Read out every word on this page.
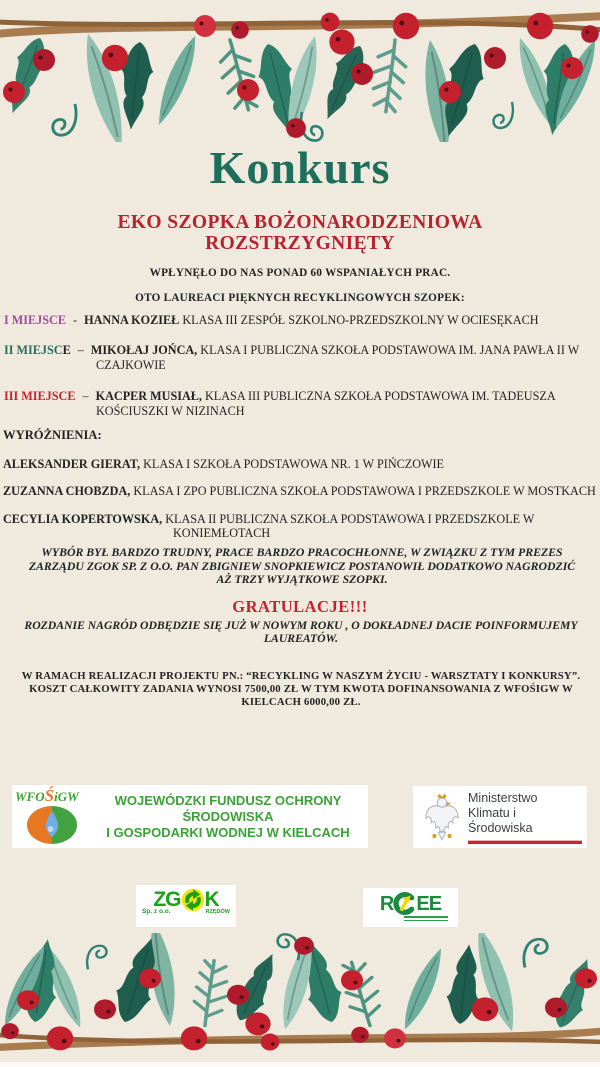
Konkurs
EKO SZOPKA BOŻONARODZENIOWA
ROZSTRZYGNIĘTY
WPŁYNĘŁO DO NAS PONAD 60 WSPANIAŁYCH PRAC.
OTO LAUREACI PIĘKNYCH RECYKLINGOWYCH SZOPEK:
I MIEJSCE - HANNA KOZIEŁ KLASA III ZESPÓŁ SZKOLNO-PRZEDSZKOLNY W OCIESĘKACH
II MIEJSCE – MIKOŁAJ JOŃCA, KLASA I PUBLICZNA SZKOŁA PODSTAWOWA IM. JANA PAWŁA II W CZAJKOWIE
III MIEJSCE – KACPER MUSIAŁ, KLASA III PUBLICZNA SZKOŁA PODSTAWOWA IM. TADEUSZA KOŚCIUSZKI W NIZINACH
WYRÓŻNIENIA:
ALEKSANDER GIERAT, KLASA I SZKOŁA PODSTAWOWA NR. 1 W PIŃCZOWIE
ZUZANNA CHOBZDA, KLASA I ZPO PUBLICZNA SZKOŁA PODSTAWOWA I PRZEDSZKOLE W MOSTKACH
CECYLIA KOPERTOWSKA, KLASA II PUBLICZNA SZKOŁA PODSTAWOWA I PRZEDSZKOLE W KONIEMŁOTACH
WYBÓR BYŁ BARDZO TRUDNY, PRACE BARDZO PRACOCHŁONNE, W ZWIĄZKU Z TYM PREZES ZARZĄDU ZGOK SP. Z O.O. PAN ZBIGNIEW SNOPKIEWICZ POSTANOWIŁ DODATKOWO NAGRODZIĆ AŻ TRZY WYJĄTKOWE SZOPKI.
GRATULACJE!!!
ROZDANIE NAGRÓD ODBĘDZIE SIĘ JUŻ W NOWYM ROKU , O DOKŁADNEJ DACIE POINFORMUJEMY LAUREATÓW.
W RAMACH REALIZACJI PROJEKTU PN.: “RECYKLING W NASZYM ŻYCIU - WARSZTATY I KONKURSY”.
KOSZT CAŁKOWITY ZADANIA WYNOSI 7500,00 ZŁ W TYM KWOTA DOFINANSOWANIA Z WFOŚIGW W KIELCACH 6000,00 ZŁ.
WFOŚiGW	WOJEWÓDZKI FUNDUSZ OCHRONY ŚRODOWISKA
I GOSPODARKI WODNEJ W KIELCACH
Ministerstwo
Klimatu i Środowiska
ZG K
Sp. z o.o.	RZĘDÓW	R EE
